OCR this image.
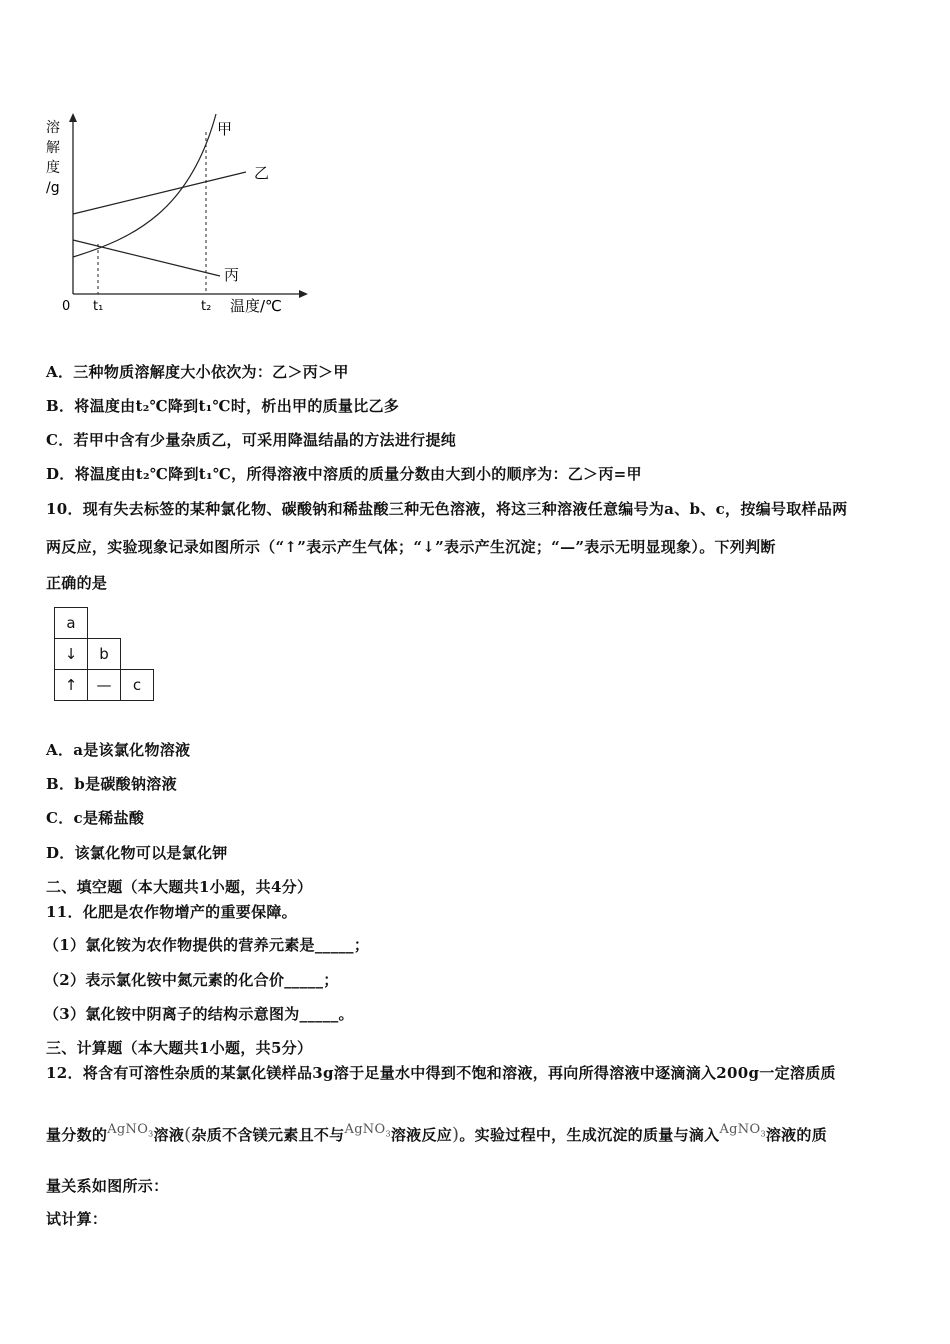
溶
解
度
/g
0 t₁	t₂ 温度/℃
甲
乙
丙
A．三种物质溶解度大小依次为：乙＞丙＞甲
B．将温度由t₂℃降到t₁℃时，析出甲的质量比乙多
C．若甲中含有少量杂质乙，可采用降温结晶的方法进行提纯
D．将温度由t₂℃降到t₁℃，所得溶液中溶质的质量分数由大到小的顺序为：乙＞丙=甲
10．现有失去标签的某种氯化物、碳酸钠和稀盐酸三种无色溶液，将这三种溶液任意编号为a、b、c，按编号取样品两
两反应，实验现象记录如图所示（“↑”表示产生气体；“↓”表示产生沉淀；“—”表示无明显现象）。下列判断
正确的是
a		
↓	b	
↑	—	c
A．a是该氯化物溶液
B．b是碳酸钠溶液
C．c是稀盐酸
D．该氯化物可以是氯化钾
二、填空题（本大题共1小题，共4分）
11．化肥是农作物增产的重要保障。
（1）氯化铵为农作物提供的营养元素是_____；
（2）表示氯化铵中氮元素的化合价_____；
（3）氯化铵中阴离子的结构示意图为_____。
三、计算题（本大题共1小题，共5分）
12．将含有可溶性杂质的某氯化镁样品3g溶于足量水中得到不饱和溶液，再向所得溶液中逐滴滴入200g一定溶质质
量分数的AgNO$_3$溶液(杂质不含镁元素且不与AgNO$_3$溶液反应)。实验过程中，生成沉淀的质量与滴入AgNO$_3$溶液的质
量关系如图所示：
试计算：
